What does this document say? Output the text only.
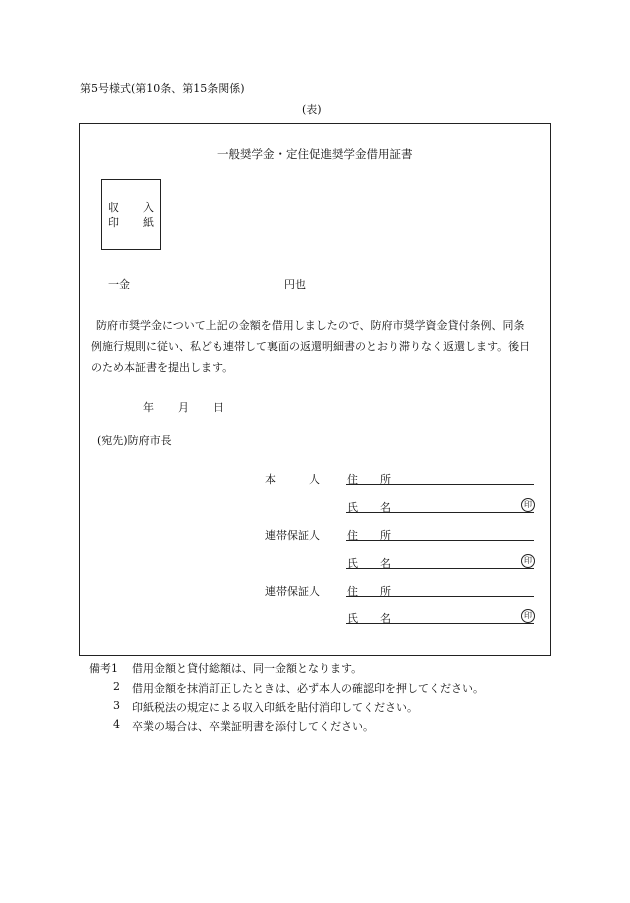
第5号様式(第10条、第15条関係)
(表)
一般奨学金・定住促進奨学金借用証書
収 入
印 紙
一金	円也
防府市奨学金について上記の金額を借用しましたので、防府市奨学資金貸付条例、同条
例施行規則に従い、私ども連帯して裏面の返還明細書のとおり滞りなく返還します。後日
のため本証書を提出します。
年 月 日
(宛先)防府市長
本　　　人 住　　所
氏　　名	印
連帯保証人 住　　所
氏　　名	印
連帯保証人 住　　所
氏　　名	印
備考1 借用金額と貸付総額は、同一金額となります。
2 借用金額を抹消訂正したときは、必ず本人の確認印を押してください。
3 印紙税法の規定による収入印紙を貼付消印してください。
4 卒業の場合は、卒業証明書を添付してください。
